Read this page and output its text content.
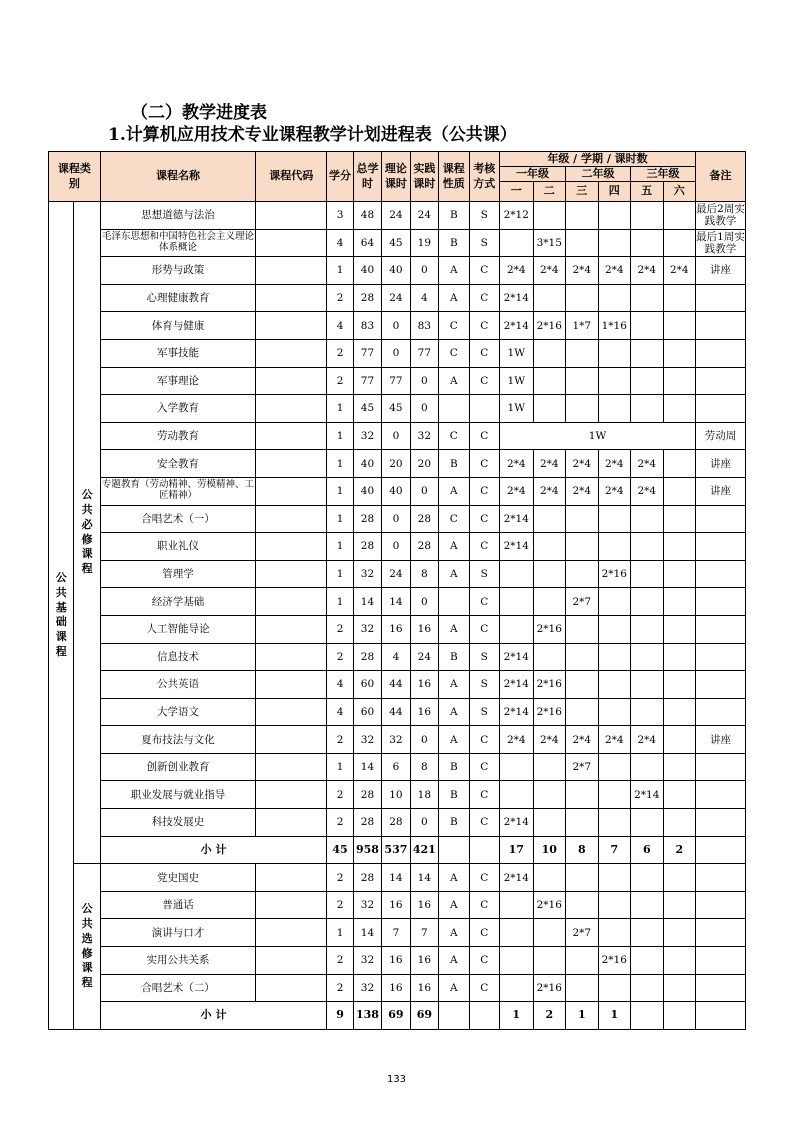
（二）教学进度表
1.计算机应用技术专业课程教学计划进程表（公共课）
课程类别		课程名称	课程代码	学分	总学时	理论课时	实践课时	课程性质	考核方式	年级 / 学期 / 课时数						备注
										一年级		二年级		三年级		
										一	二	三	四	五	六	

公共基础课程	公共必修课程	思想道德与法治		3	48	24	24	B	S	2*12						最后2周实践教学
		毛泽东思想和中国特色社会主义理论体系概论		4	64	45	19	B	S		3*15					最后1周实践教学
		形势与政策		1	40	40	0	A	C	2*4	2*4	2*4	2*4	2*4	2*4	讲座
		心理健康教育		2	28	24	4	A	C	2*14						
		体育与健康		4	83	0	83	C	C	2*14	2*16	1*7	1*16			
		军事技能		2	77	0	77	C	C	1W						
		军事理论		2	77	77	0	A	C	1W						
		入学教育		1	45	45	0			1W						
		劳动教育		1	32	0	32	C	C	1W						劳动周
		安全教育		1	40	20	20	B	C	2*4	2*4	2*4	2*4	2*4		讲座
		专题教育（劳动精神、劳模精神、工匠精神）		1	40	40	0	A	C	2*4	2*4	2*4	2*4	2*4		讲座
		合唱艺术（一）		1	28	0	28	C	C	2*14						
		职业礼仪		1	28	0	28	A	C	2*14						
		管理学		1	32	24	8	A	S				2*16			
		经济学基础		1	14	14	0		C			2*7				
		人工智能导论		2	32	16	16	A	C		2*16					
		信息技术		2	28	4	24	B	S	2*14						
		公共英语		4	60	44	16	A	S	2*14	2*16					
		大学语文		4	60	44	16	A	S	2*14	2*16					
		夏布技法与文化		2	32	32	0	A	C	2*4	2*4	2*4	2*4	2*4		讲座
		创新创业教育		1	14	6	8	B	C			2*7				
		职业发展与就业指导		2	28	10	18	B	C					2*14		
		科技发展史		2	28	28	0	B	C	2*14						
		小 计		45	958	537	421			17	10	8	7	6	2	

	公共选修课程	党史国史		2	28	14	14	A	C	2*14						
		普通话		2	32	16	16	A	C		2*16					
		演讲与口才		1	14	7	7	A	C			2*7				
		实用公共关系		2	32	16	16	A	C				2*16			
		合唱艺术（二）		2	32	16	16	A	C		2*16					
		小 计		9	138	69	69			1	2	1	1			
133
